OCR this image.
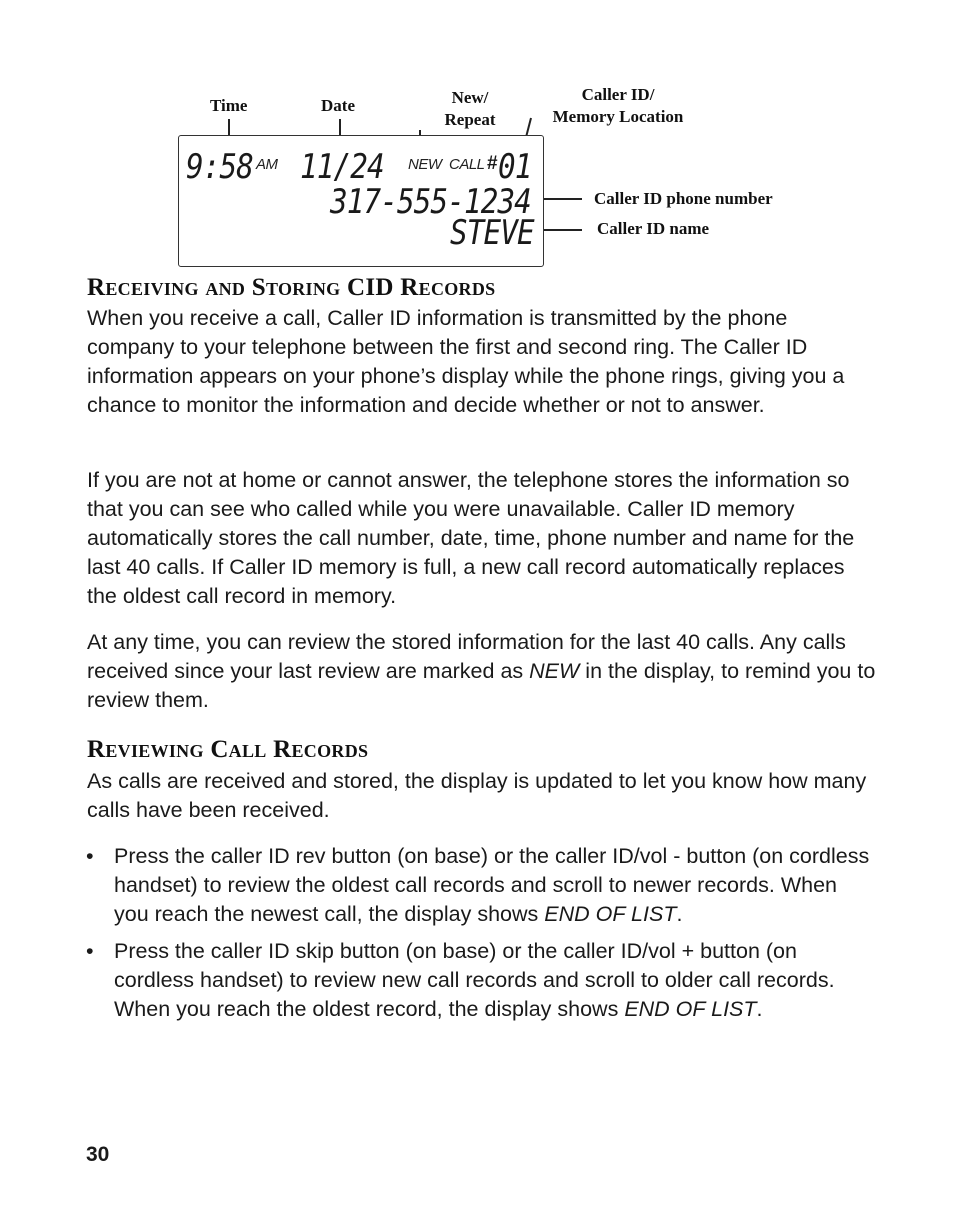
Time	Date	New/
Repeat
Caller ID/
Memory Location
Caller ID phone number
Caller ID name
9:58 AM 11/24 NEW CALL # 01
317-555-1234
STEVE
Receiving and Storing CID Records

When you receive a call, Caller ID information is transmitted by the phone company to your telephone between the first and second ring. The Caller ID information appears on your phone’s display while the phone rings, giving you a chance to monitor the information and decide whether or not to answer.

If you are not at home or cannot answer, the telephone stores the information so that you can see who called while you were unavailable. Caller ID memory automatically stores the call number, date, time, phone number and name for the last 40 calls. If Caller ID memory is full, a new call record automatically replaces the oldest call record in memory.

At any time, you can review the stored information for the last 40 calls. Any calls received since your last review are marked as NEW in the display, to remind you to review them.

Reviewing Call Records
As calls are received and stored, the display is updated to let you know how many calls have been received.
• Press the caller ID rev button (on base) or the caller ID/vol - button (on cordless handset) to review the oldest call records and scroll to newer records. When you reach the newest call, the display shows END OF LIST.
• Press the caller ID skip button (on base) or the caller ID/vol + button (on cordless handset) to review new call records and scroll to older call records. When you reach the oldest record, the display shows END OF LIST.
30
